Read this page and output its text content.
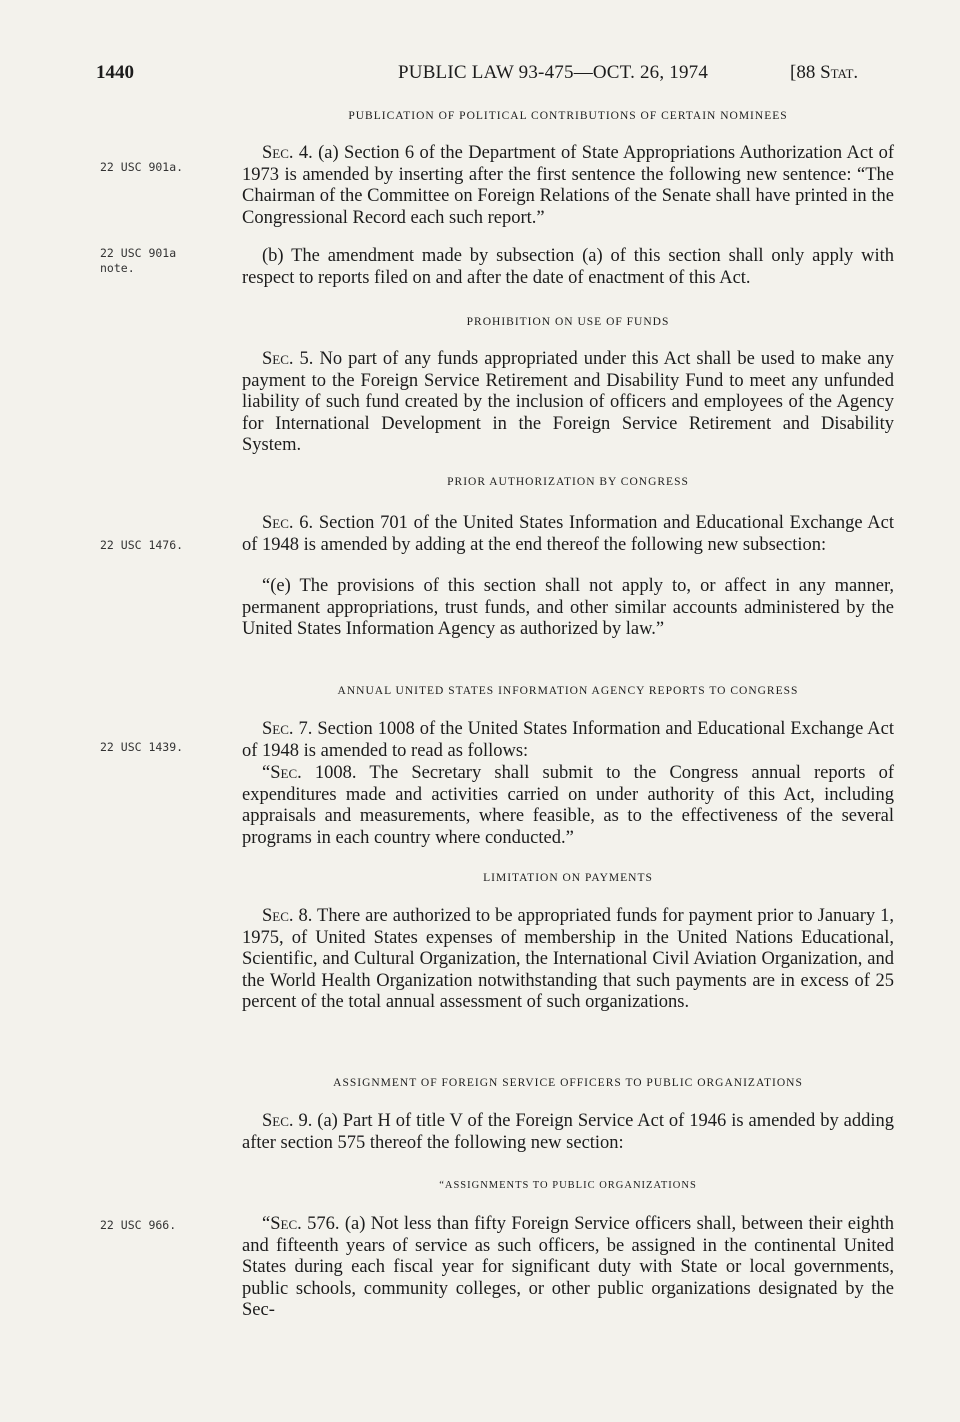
1440	PUBLIC LAW 93-475—OCT. 26, 1974	[88 Stat.
PUBLICATION OF POLITICAL CONTRIBUTIONS OF CERTAIN NOMINEES
22 USC 901a.
Sec. 4. (a) Section 6 of the Department of State Appropriations Authorization Act of 1973 is amended by inserting after the first sentence the following new sentence: “The Chairman of the Committee on Foreign Relations of the Senate shall have printed in the Congressional Record each such report.”
22 USC 901a
note.
(b) The amendment made by subsection (a) of this section shall only apply with respect to reports filed on and after the date of enactment of this Act.
PROHIBITION ON USE OF FUNDS
Sec. 5. No part of any funds appropriated under this Act shall be used to make any payment to the Foreign Service Retirement and Disability Fund to meet any unfunded liability of such fund created by the inclusion of officers and employees of the Agency for International Development in the Foreign Service Retirement and Disability System.
PRIOR AUTHORIZATION BY CONGRESS
22 USC 1476.
Sec. 6. Section 701 of the United States Information and Educational Exchange Act of 1948 is amended by adding at the end thereof the following new subsection:
“(e) The provisions of this section shall not apply to, or affect in any manner, permanent appropriations, trust funds, and other similar accounts administered by the United States Information Agency as authorized by law.”
ANNUAL UNITED STATES INFORMATION AGENCY REPORTS TO CONGRESS
22 USC 1439.
Sec. 7. Section 1008 of the United States Information and Educational Exchange Act of 1948 is amended to read as follows:
“Sec. 1008. The Secretary shall submit to the Congress annual reports of expenditures made and activities carried on under authority of this Act, including appraisals and measurements, where feasible, as to the effectiveness of the several programs in each country where conducted.”
LIMITATION ON PAYMENTS
Sec. 8. There are authorized to be appropriated funds for payment prior to January 1, 1975, of United States expenses of membership in the United Nations Educational, Scientific, and Cultural Organization, the International Civil Aviation Organization, and the World Health Organization notwithstanding that such payments are in excess of 25 percent of the total annual assessment of such organizations.
ASSIGNMENT OF FOREIGN SERVICE OFFICERS TO PUBLIC ORGANIZATIONS
Sec. 9. (a) Part H of title V of the Foreign Service Act of 1946 is amended by adding after section 575 thereof the following new section:
“ASSIGNMENTS TO PUBLIC ORGANIZATIONS
22 USC 966.	“Sec. 576. (a) Not less than fifty Foreign Service officers shall, between their eighth and fifteenth years of service as such officers, be assigned in the continental United States during each fiscal year for significant duty with State or local governments, public schools, community colleges, or other public organizations designated by the Sec-
